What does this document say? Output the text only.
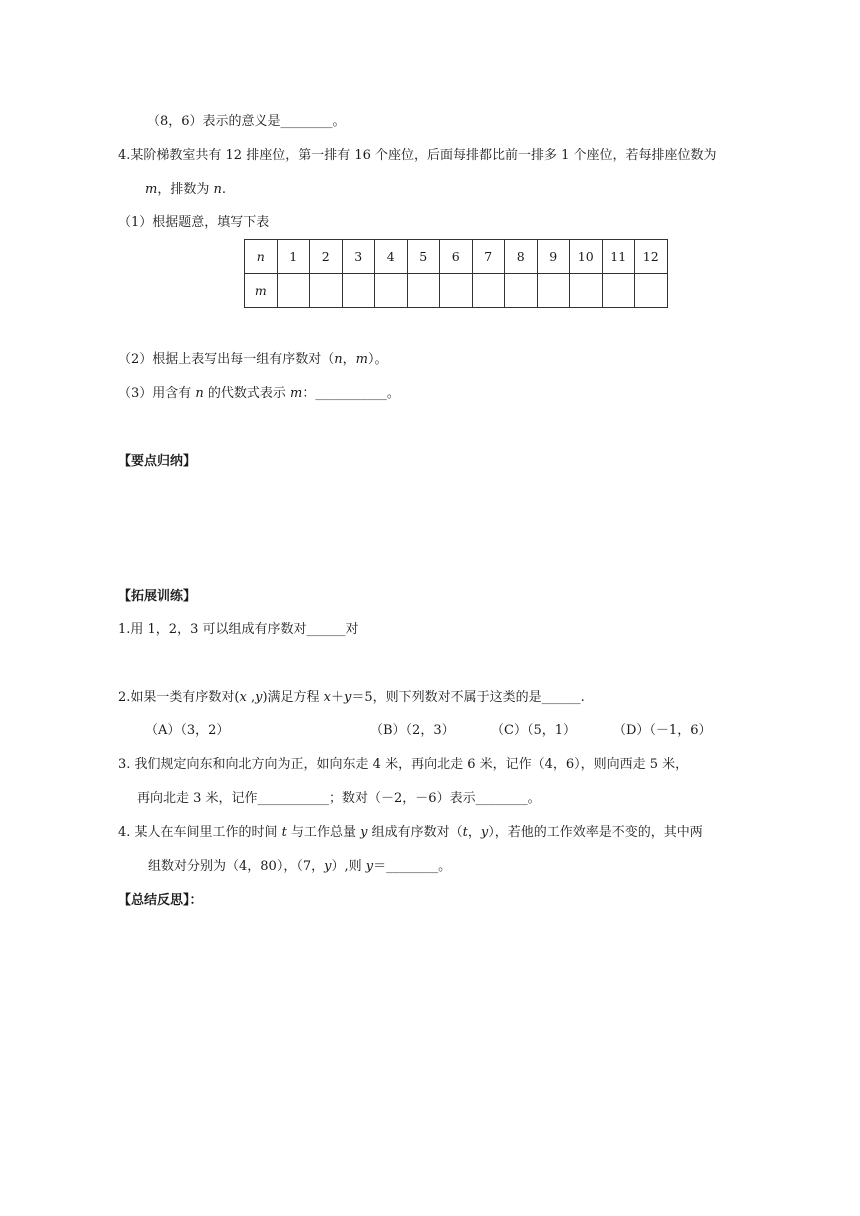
（8，6）表示的意义是________。
4.某阶梯教室共有 12 排座位，第一排有 16 个座位，后面每排都比前一排多 1 个座位，若每排座位数为
m，排数为 n.
（1）根据题意，填写下表
n	1	2	3	4	5	6	7	8	9	10	11	12
m												
（2）根据上表写出每一组有序数对（n，m）。
（3）用含有 n 的代数式表示 m：___________。
【要点归纳】
【拓展训练】
1.用 1，2，3 可以组成有序数对______对
2.如果一类有序数对(x ,y)满足方程 x＋y＝5，则下列数对不属于这类的是______.
（A）（3，2）	（B）（2，3）	（C）（5，1）	（D）（－1，6）
3. 我们规定向东和向北方向为正，如向东走 4 米，再向北走 6 米，记作（4，6），则向西走 5 米，
再向北走 3 米，记作___________；数对（－2，－6）表示________。
4. 某人在车间里工作的时间 t 与工作总量 y 组成有序数对（t，y），若他的工作效率是不变的，其中两
组数对分别为（4，80），（7，y）,则 y＝________。
【总结反思】：
